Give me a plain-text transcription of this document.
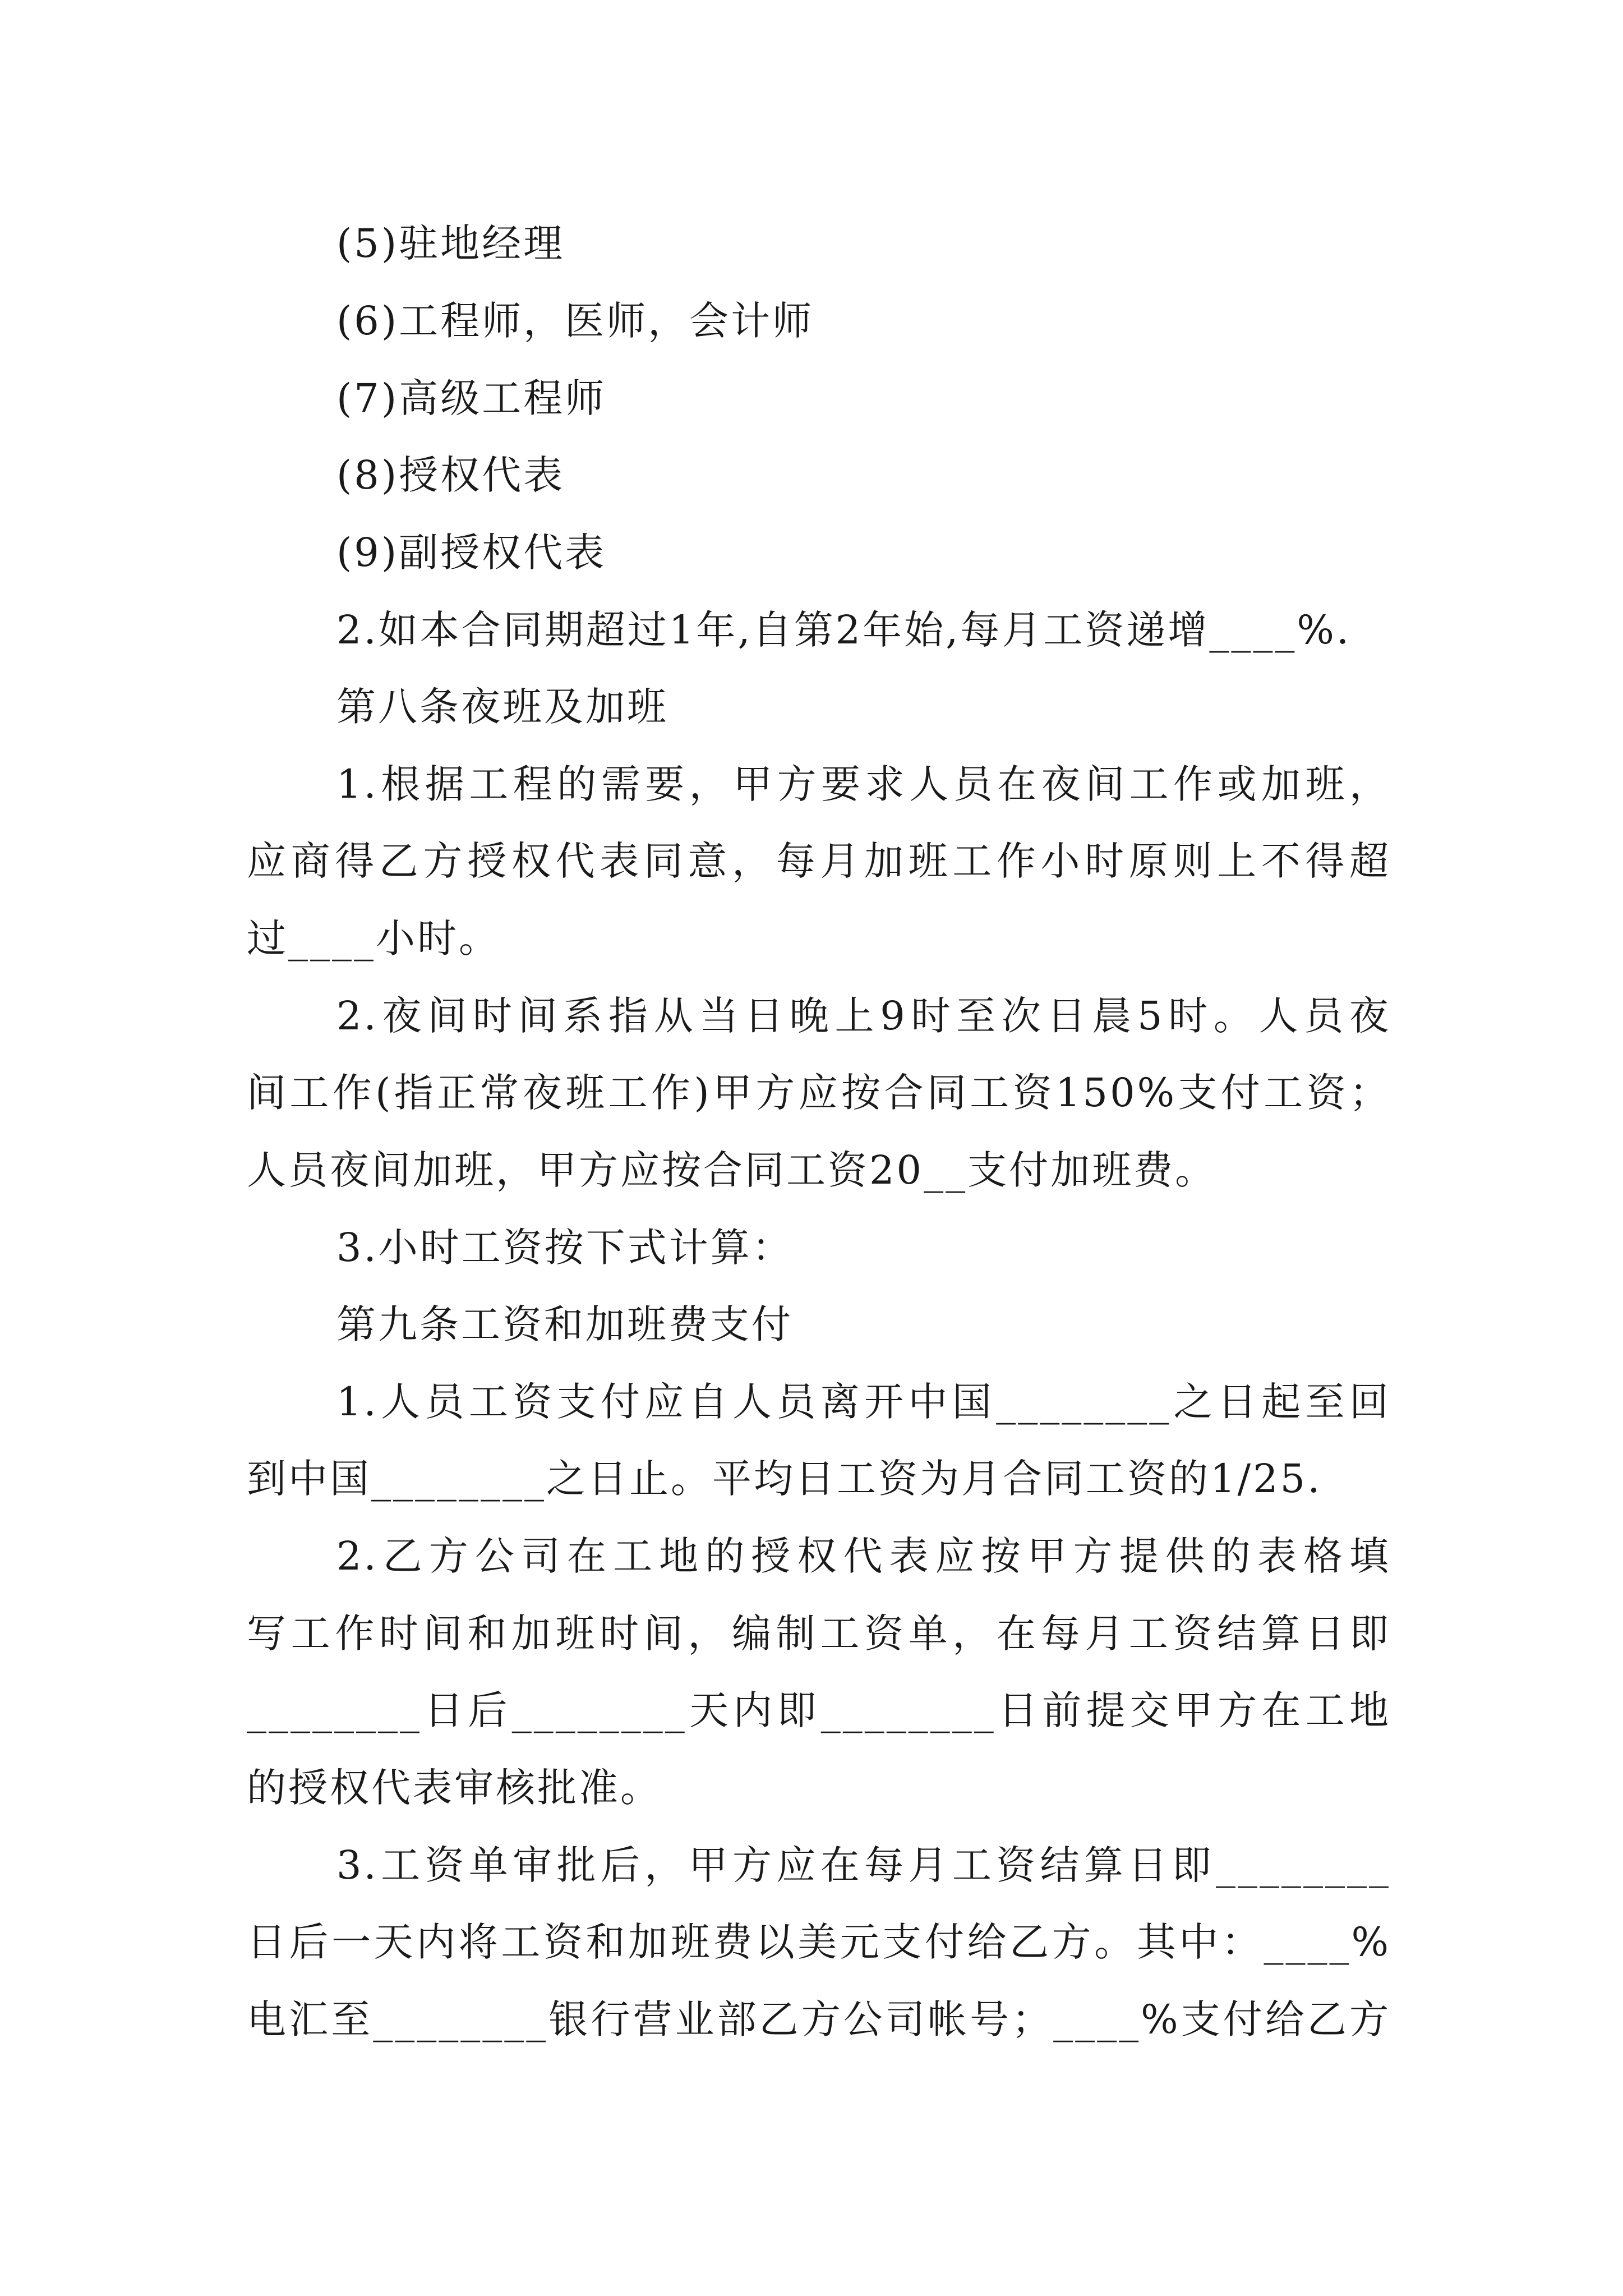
(5)驻地经理
(6)工程师，医师，会计师
(7)高级工程师
(8)授权代表
(9)副授权代表
2.如本合同期超过1年,自第2年始,每月工资递增____%.
第八条夜班及加班
1.根据工程的需要，甲方要求人员在夜间工作或加班，
应商得乙方授权代表同意，每月加班工作小时原则上不得超
过____小时。
2.夜间时间系指从当日晚上9时至次日晨5时。人员夜
间工作(指正常夜班工作)甲方应按合同工资150%支付工资；
人员夜间加班，甲方应按合同工资20__支付加班费。
3.小时工资按下式计算：
第九条工资和加班费支付
1.人员工资支付应自人员离开中国________之日起至回
到中国________之日止。平均日工资为月合同工资的1/25.
2.乙方公司在工地的授权代表应按甲方提供的表格填
写工作时间和加班时间，编制工资单，在每月工资结算日即
________日后________天内即________日前提交甲方在工地
的授权代表审核批准。
3.工资单审批后，甲方应在每月工资结算日即________
日后一天内将工资和加班费以美元支付给乙方。其中：____%
电汇至________银行营业部乙方公司帐号；____%支付给乙方
